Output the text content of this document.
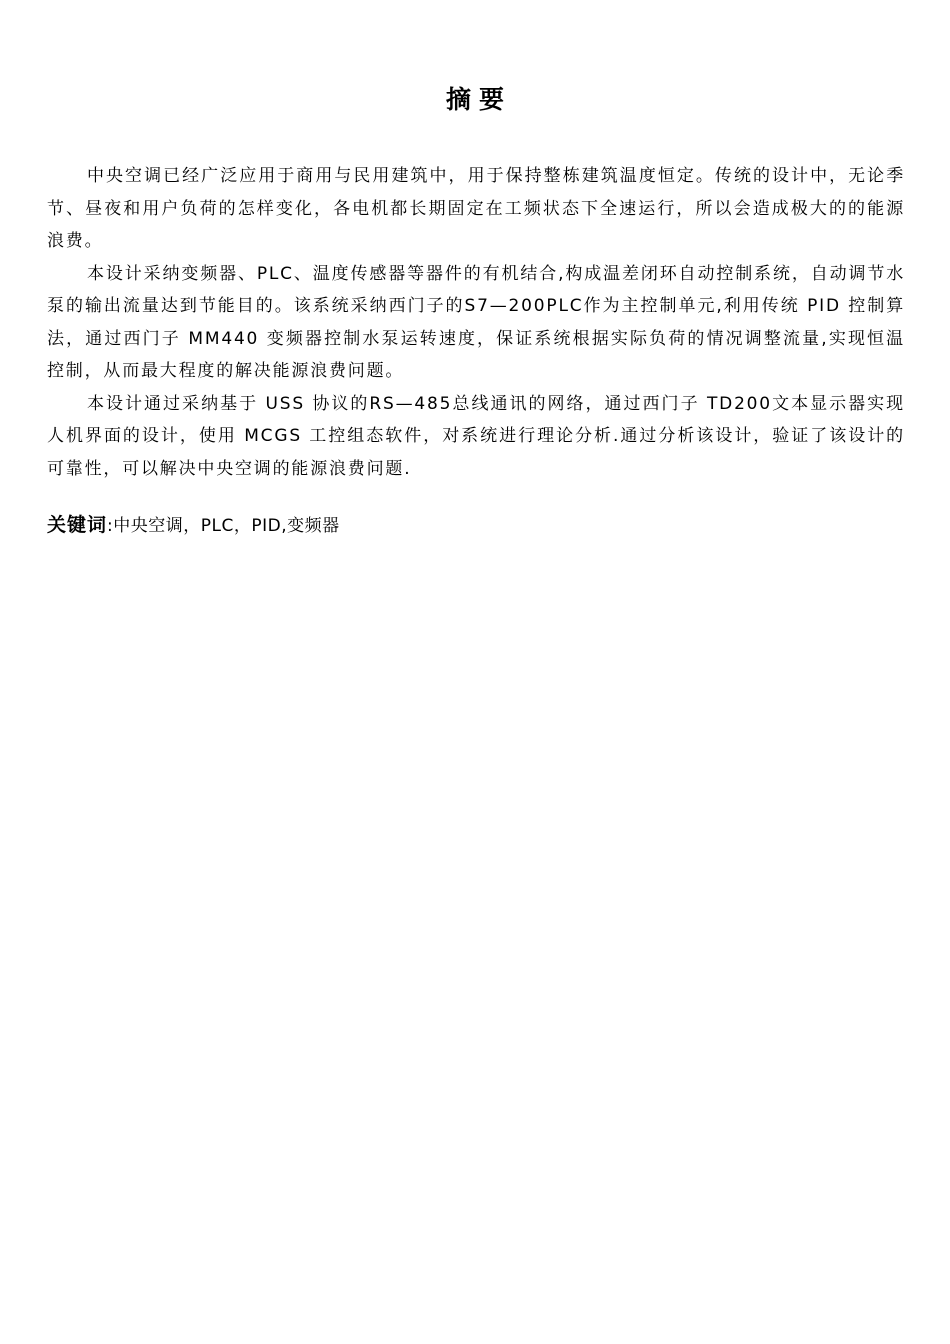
摘要

中央空调已经广泛应用于商用与民用建筑中，用于保持整栋建筑温度恒定。传统的设计中，无论季节、昼夜和用户负荷的怎样变化，各电机都长期固定在工频状态下全速运行，所以会造成极大的的能源浪费。

本设计采纳变频器、PLC、温度传感器等器件的有机结合,构成温差闭环自动控制系统，自动调节水泵的输出流量达到节能目的。该系统采纳西门子的S7—200PLC作为主控制单元,利用传统 PID 控制算法，通过西门子 MM440 变频器控制水泵运转速度，保证系统根据实际负荷的情况调整流量,实现恒温控制，从而最大程度的解决能源浪费问题。

本设计通过采纳基于 USS 协议的RS—485总线通讯的网络，通过西门子 TD200文本显示器实现人机界面的设计，使用 MCGS 工控组态软件，对系统进行理论分析.通过分析该设计，验证了该设计的可靠性，可以解决中央空调的能源浪费问题.

关键词:中央空调，PLC，PID,变频器
